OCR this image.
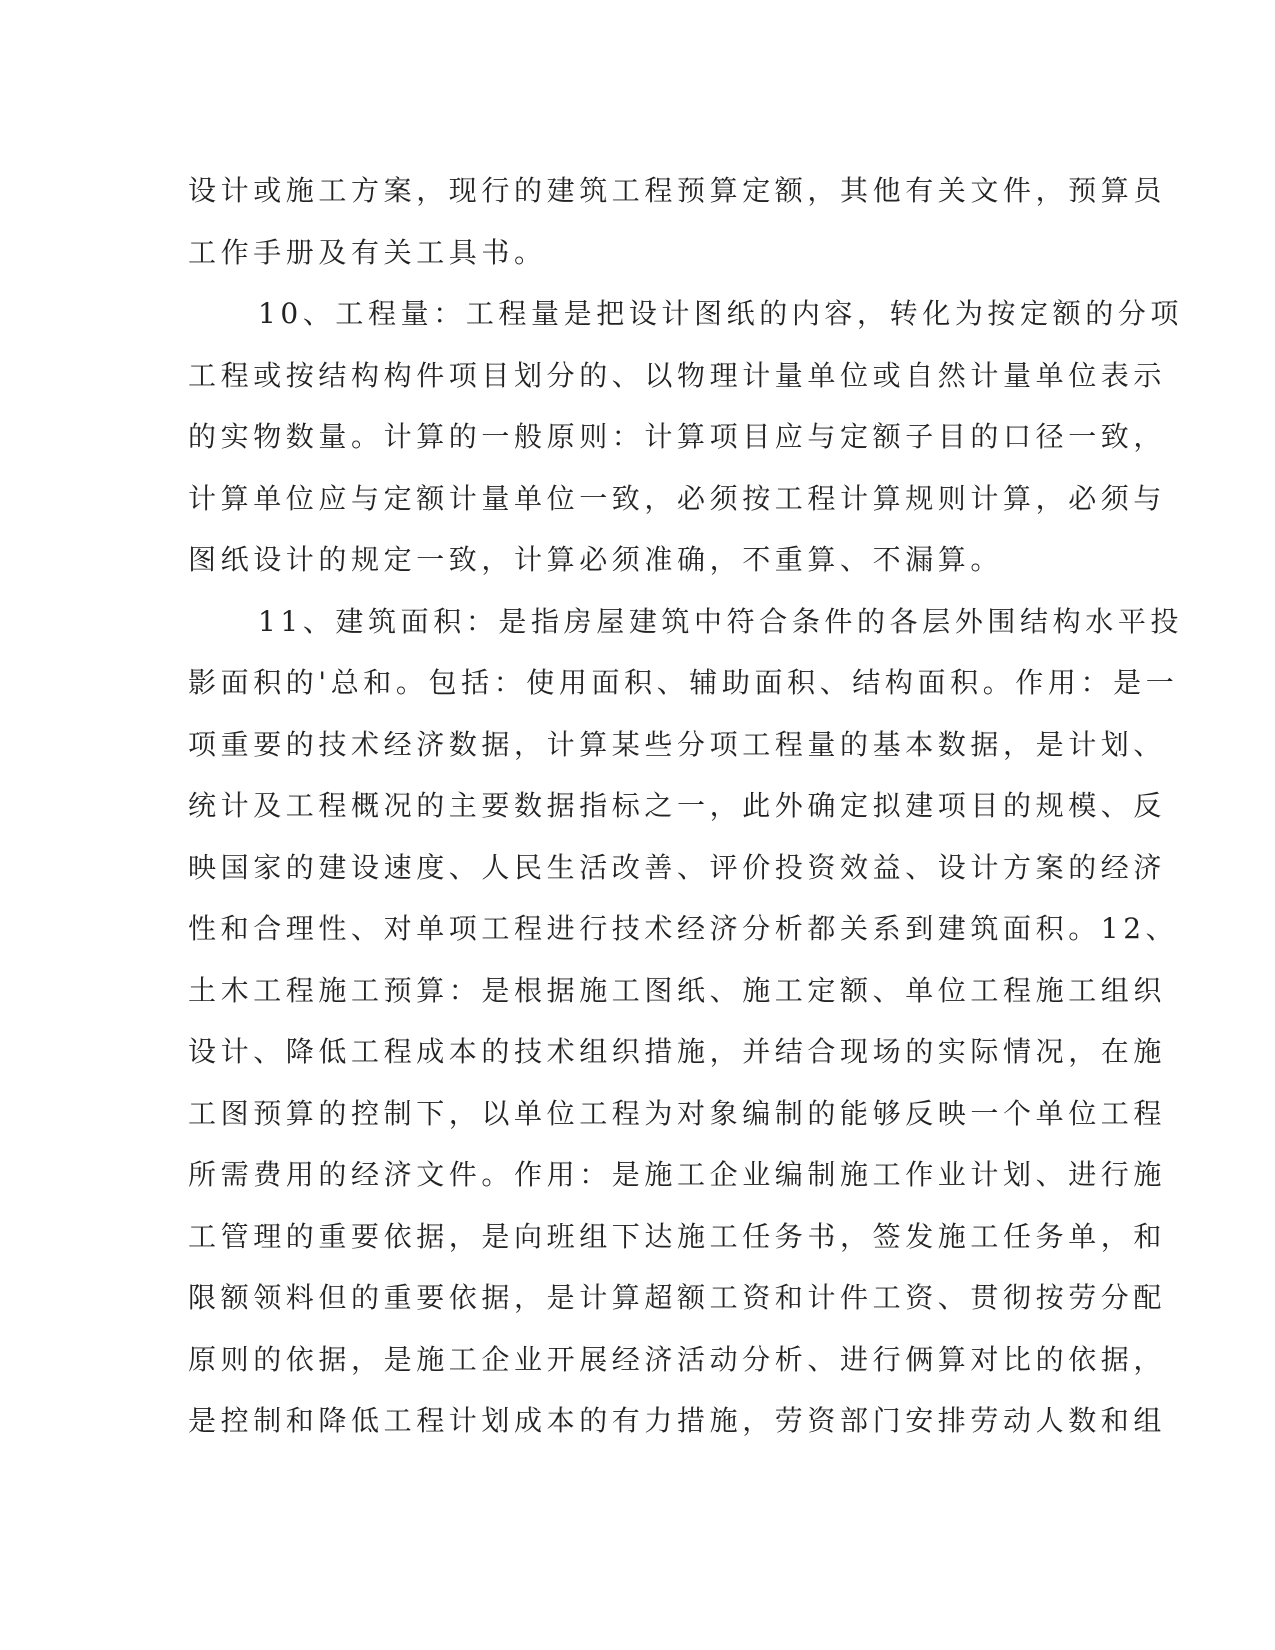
设计或施工方案，现行的建筑工程预算定额，其他有关文件，预算员
工作手册及有关工具书。
10、工程量：工程量是把设计图纸的内容，转化为按定额的分项
工程或按结构构件项目划分的、以物理计量单位或自然计量单位表示
的实物数量。计算的一般原则：计算项目应与定额子目的口径一致，
计算单位应与定额计量单位一致，必须按工程计算规则计算，必须与
图纸设计的规定一致，计算必须准确，不重算、不漏算。
11、建筑面积：是指房屋建筑中符合条件的各层外围结构水平投
影面积的'总和。包括：使用面积、辅助面积、结构面积。作用：是一
项重要的技术经济数据，计算某些分项工程量的基本数据，是计划、
统计及工程概况的主要数据指标之一，此外确定拟建项目的规模、反
映国家的建设速度、人民生活改善、评价投资效益、设计方案的经济
性和合理性、对单项工程进行技术经济分析都关系到建筑面积。12、
土木工程施工预算：是根据施工图纸、施工定额、单位工程施工组织
设计、降低工程成本的技术组织措施，并结合现场的实际情况，在施
工图预算的控制下，以单位工程为对象编制的能够反映一个单位工程
所需费用的经济文件。作用：是施工企业编制施工作业计划、进行施
工管理的重要依据，是向班组下达施工任务书，签发施工任务单，和
限额领料但的重要依据，是计算超额工资和计件工资、贯彻按劳分配
原则的依据，是施工企业开展经济活动分析、进行俩算对比的依据，
是控制和降低工程计划成本的有力措施，劳资部门安排劳动人数和组
